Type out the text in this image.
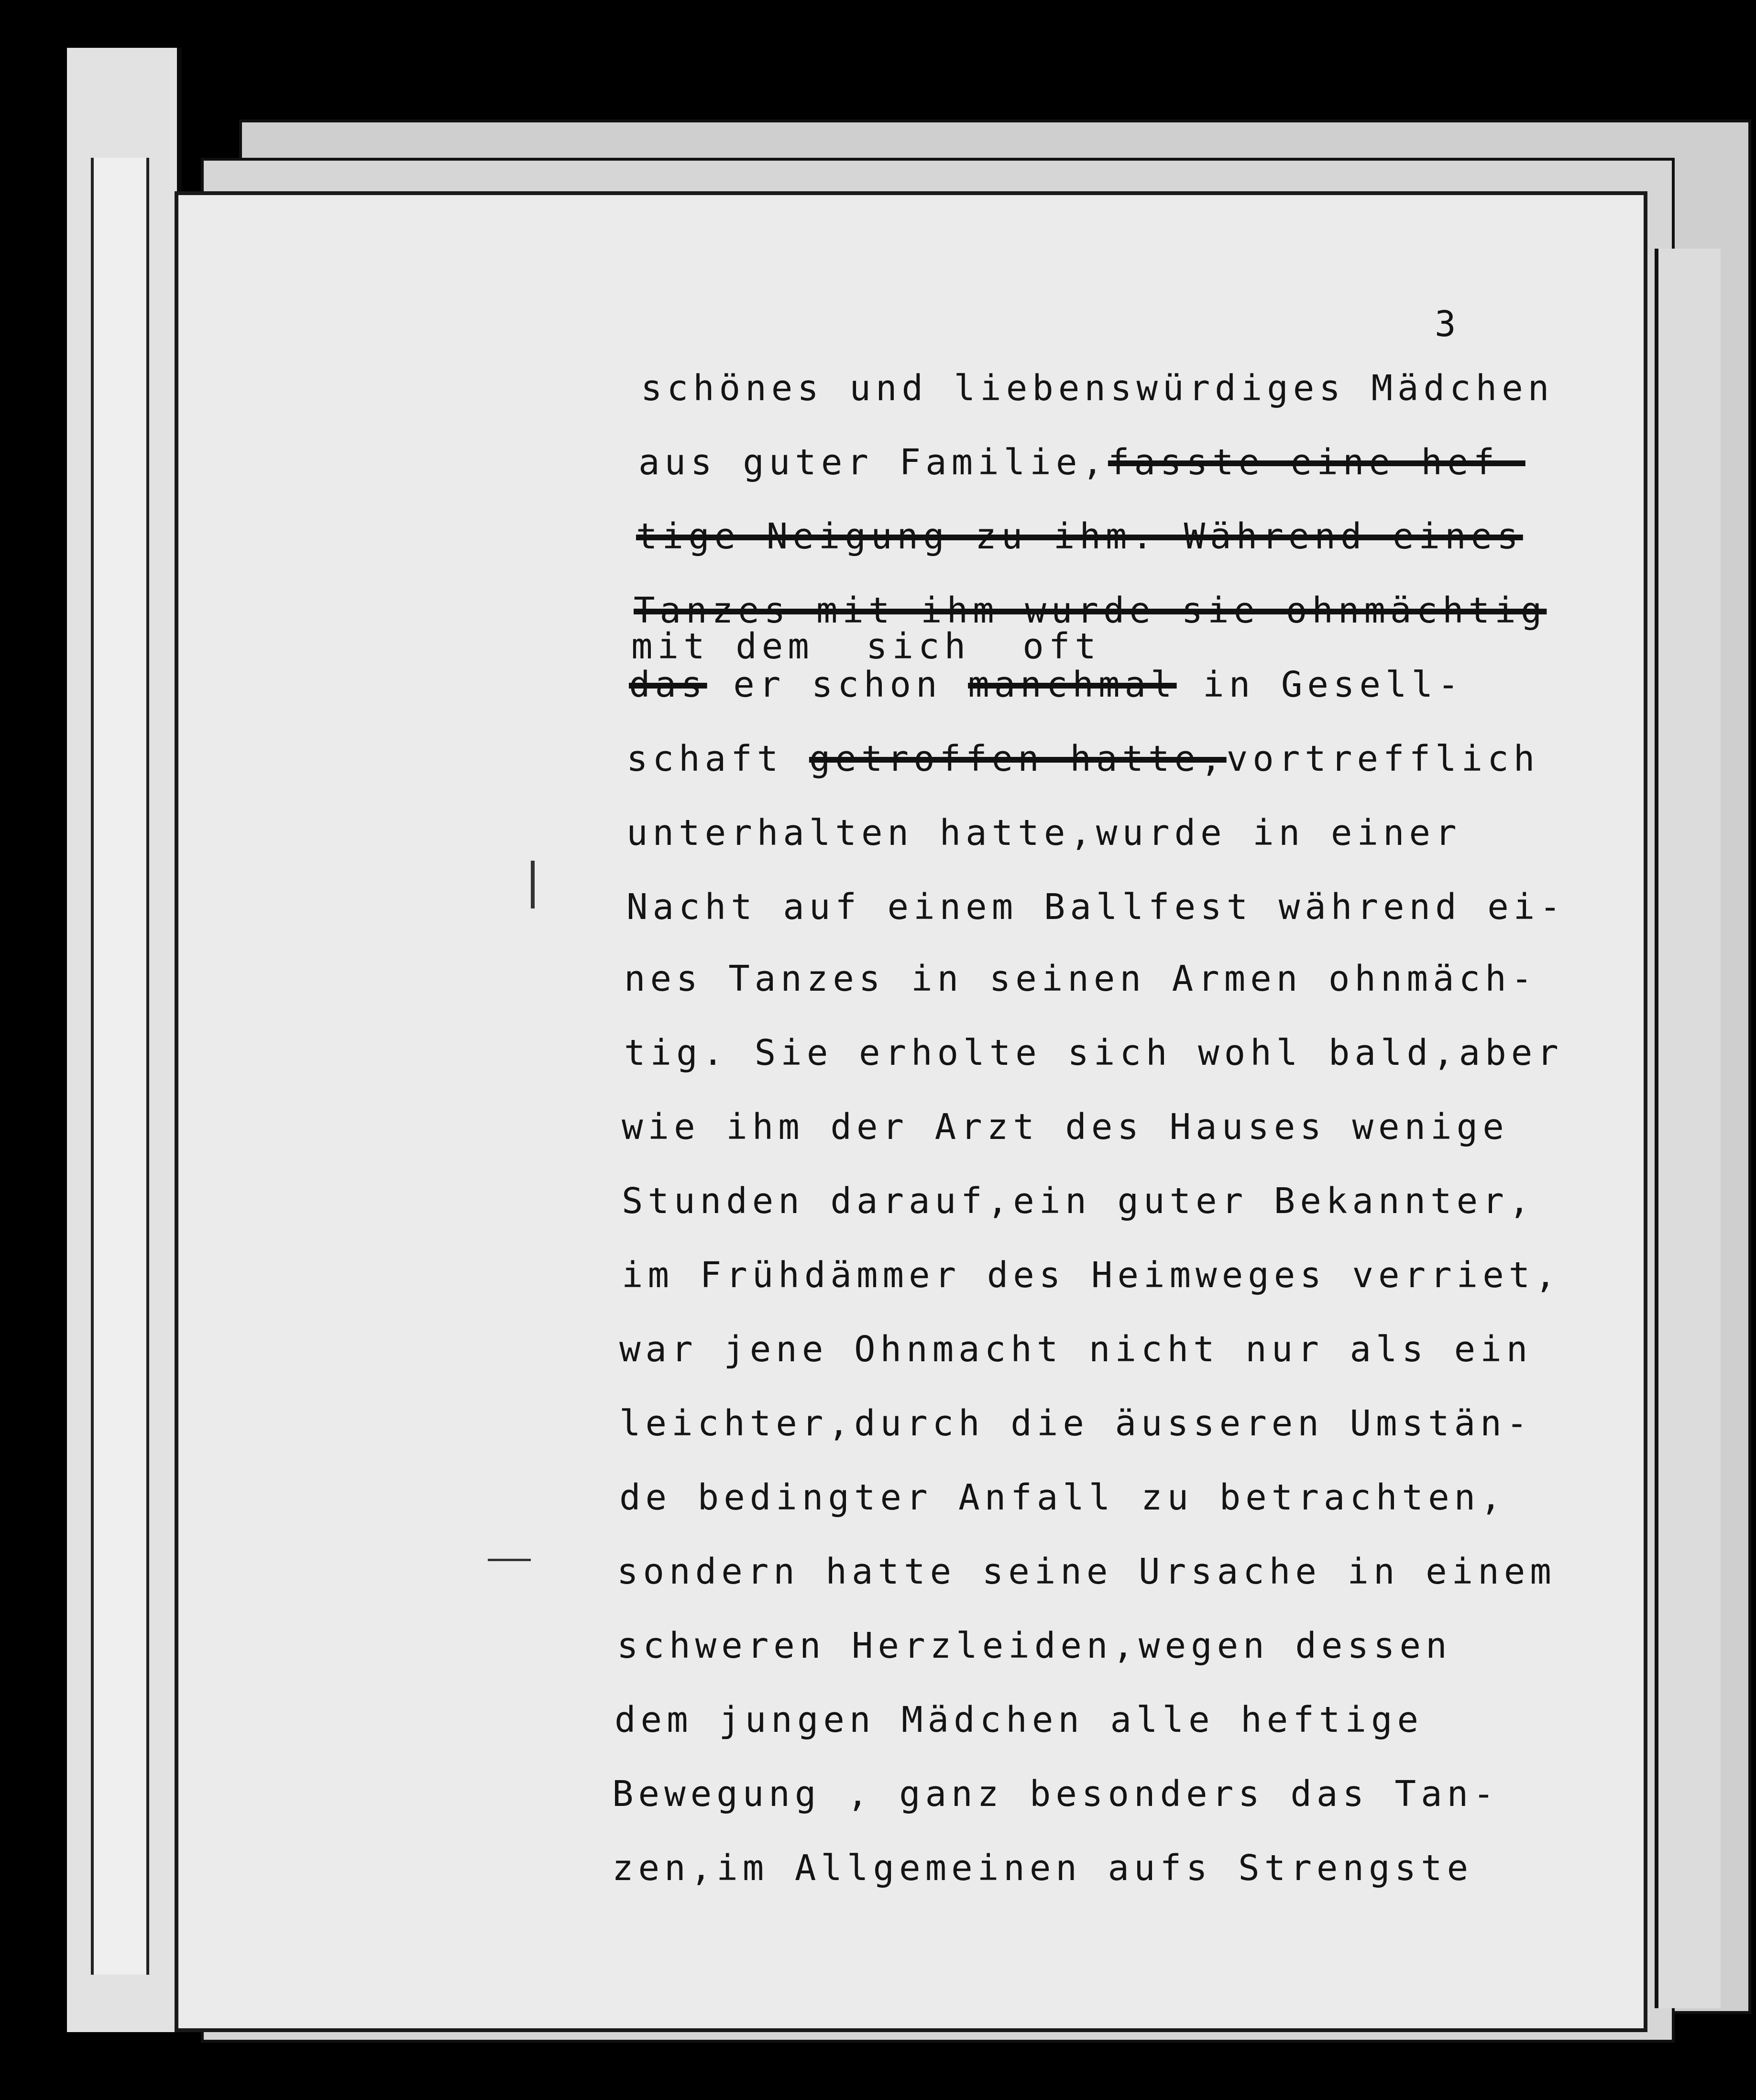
3
schönes und liebenswürdiges Mädchen
aus guter Familie,fasste eine hef-
tige Neigung zu ihm. Während eines
Tanzes mit ihm wurde sie ohnmächtig
mit dem  sich  oft
das er schon manchmal in Gesell-
schaft getroffen hatte,vortrefflich
unterhalten hatte,wurde in einer
Nacht auf einem Ballfest während ei-
nes Tanzes in seinen Armen ohnmäch-
tig. Sie erholte sich wohl bald,aber
wie ihm der Arzt des Hauses wenige
Stunden darauf,ein guter Bekannter,
im Frühdämmer des Heimweges verriet,
war jene Ohnmacht nicht nur als ein
leichter,durch die äusseren Umstän-
de bedingter Anfall zu betrachten,
sondern hatte seine Ursache in einem
schweren Herzleiden,wegen dessen
dem jungen Mädchen alle heftige
Bewegung , ganz besonders das Tan-
zen,im Allgemeinen aufs Strengste
